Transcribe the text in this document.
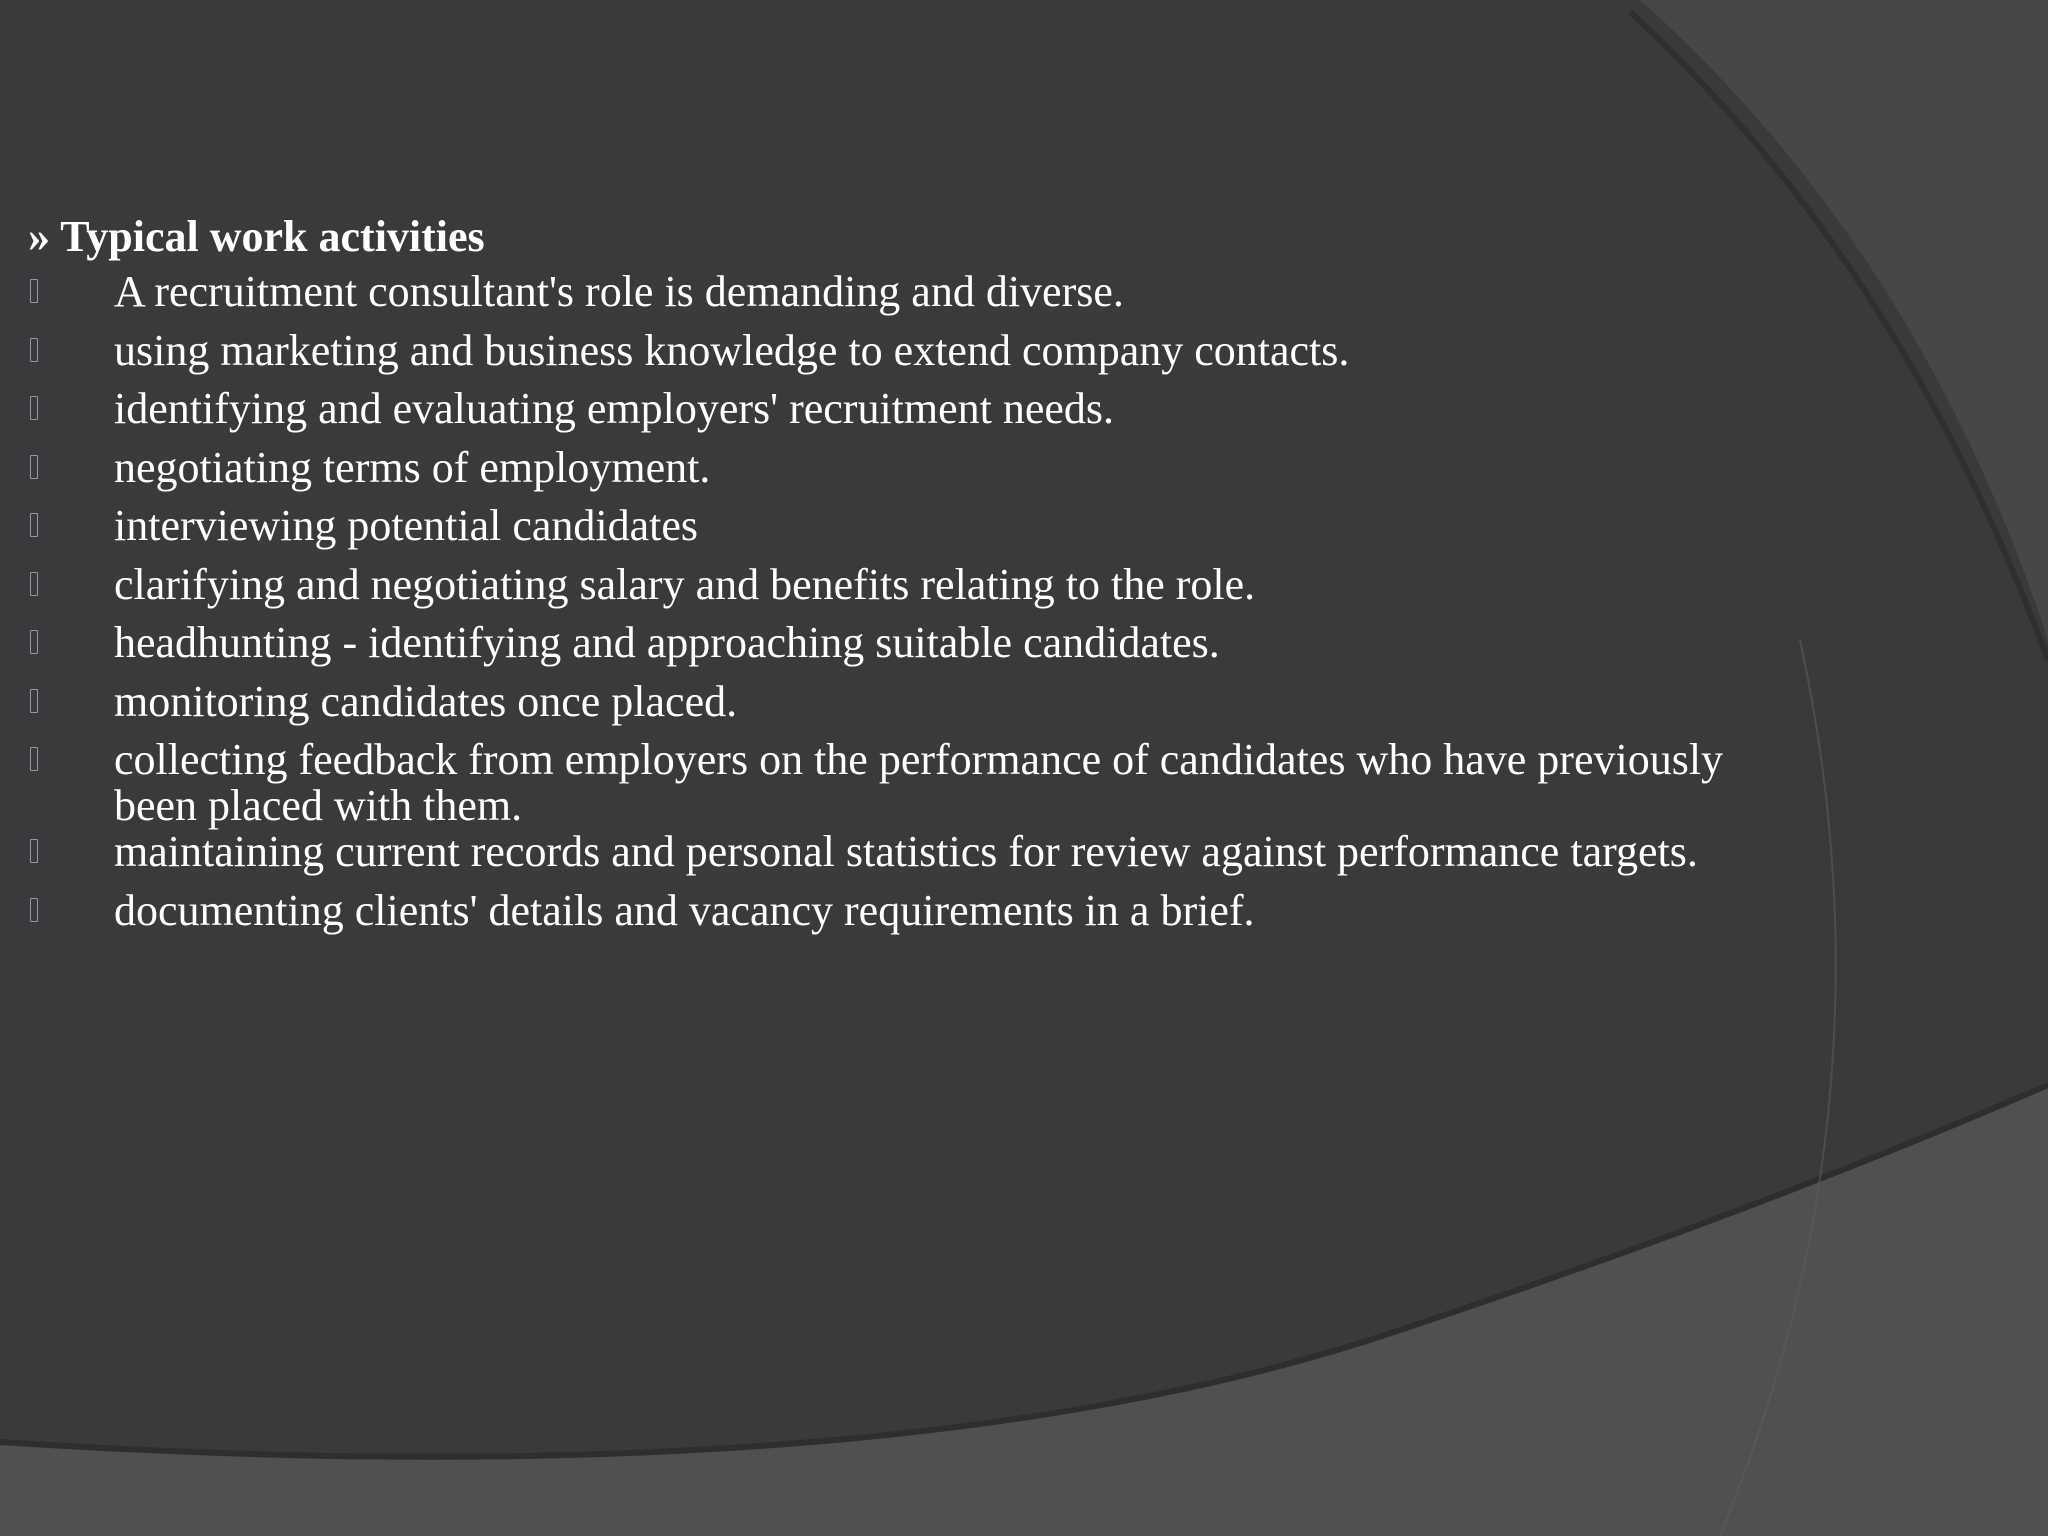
» Typical work activities
A recruitment consultant's role is demanding and diverse.
using marketing and business knowledge to extend company contacts.
identifying and evaluating employers' recruitment needs.
negotiating terms of employment.
interviewing potential candidates
clarifying and negotiating salary and benefits relating to the role.
headhunting - identifying and approaching suitable candidates.
monitoring candidates once placed.
collecting feedback from employers on the performance of candidates who have previously been placed with them.
maintaining current records and personal statistics for review against performance targets.
documenting clients' details and vacancy requirements in a brief.
